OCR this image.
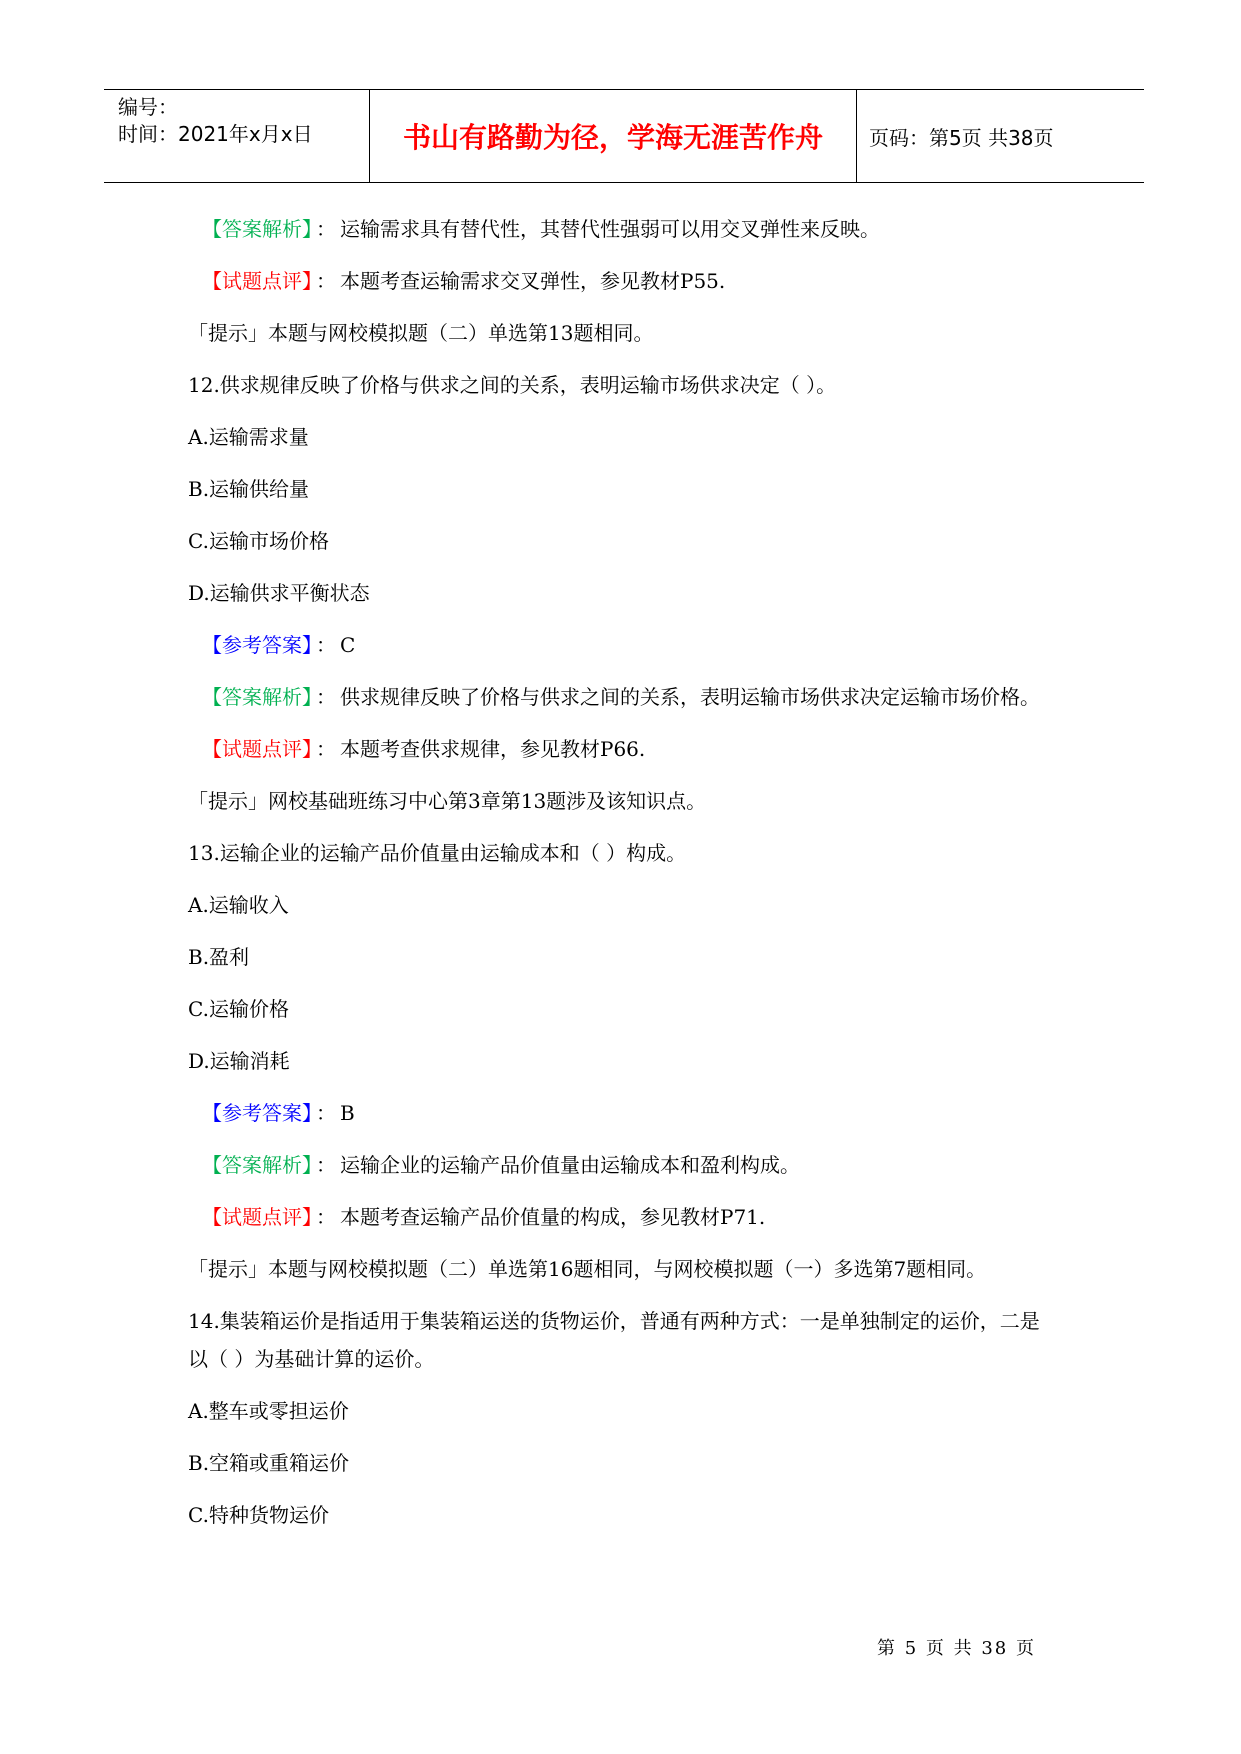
编号：
时间：2021年x月x日	书山有路勤为径，学海无涯苦作舟	页码：第5页 共38页
【答案解析】 ： 运输需求具有替代性，其替代性强弱可以用交叉弹性来反映。
【试题点评】 ： 本题考查运输需求交叉弹性，参见教材P55.
「提示」本题与网校模拟题（二）单选第13题相同。
12.供求规律反映了价格与供求之间的关系，表明运输市场供求决定（ ）。
A.运输需求量
B.运输供给量
C.运输市场价格
D.运输供求平衡状态
【参考答案】 ： C
【答案解析】 ： 供求规律反映了价格与供求之间的关系，表明运输市场供求决定运输市场价格。
【试题点评】 ： 本题考查供求规律，参见教材P66.
「提示」网校基础班练习中心第3章第13题涉及该知识点。
13.运输企业的运输产品价值量由运输成本和（ ）构成。
A.运输收入
B.盈利
C.运输价格
D.运输消耗
【参考答案】 ： B
【答案解析】 ： 运输企业的运输产品价值量由运输成本和盈利构成。
【试题点评】 ： 本题考查运输产品价值量的构成，参见教材P71.
「提示」本题与网校模拟题（二）单选第16题相同，与网校模拟题（一）多选第7题相同。
14.集装箱运价是指适用于集装箱运送的货物运价，普通有两种方式：一是单独制定的运价，二是以（ ）为基础计算的运价。
A.整车或零担运价
B.空箱或重箱运价
C.特种货物运价
第 5 页 共 38 页
